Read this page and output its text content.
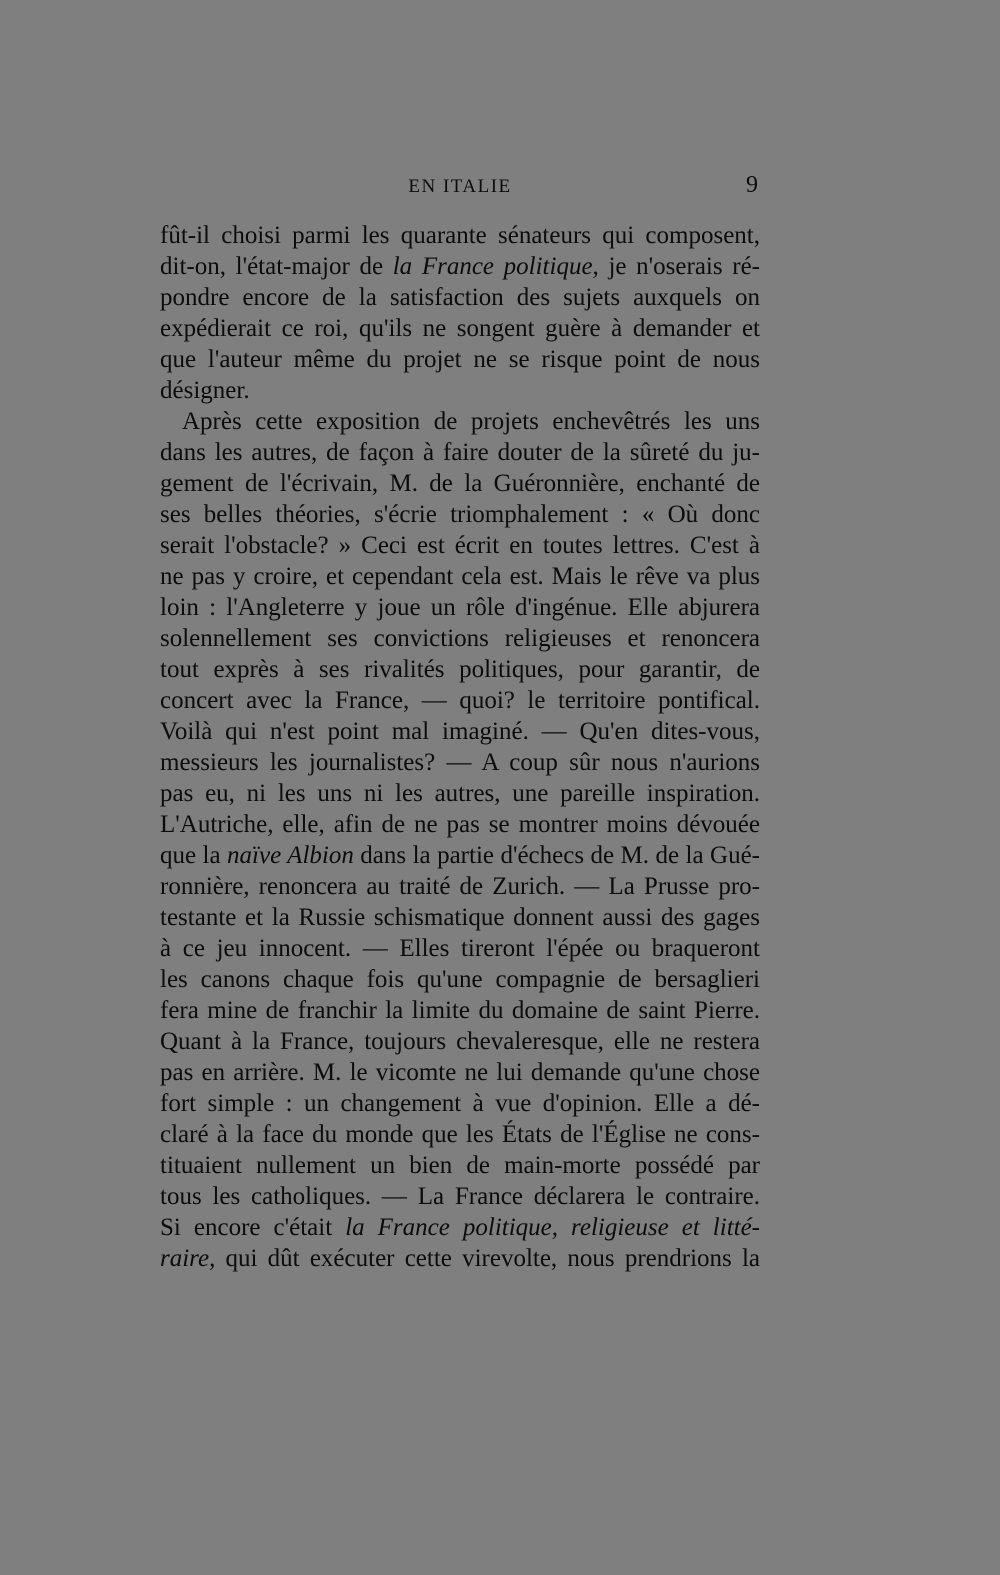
EN ITALIE	9
fût-il choisi parmi les quarante sénateurs qui composent,
dit-on, l'état-major de la France politique, je n'oserais ré-
pondre encore de la satisfaction des sujets auxquels on
expédierait ce roi, qu'ils ne songent guère à demander et
que l'auteur même du projet ne se risque point de nous
désigner.
Après cette exposition de projets enchevêtrés les uns
dans les autres, de façon à faire douter de la sûreté du ju-
gement de l'écrivain, M. de la Guéronnière, enchanté de
ses belles théories, s'écrie triomphalement : « Où donc
serait l'obstacle? » Ceci est écrit en toutes lettres. C'est à
ne pas y croire, et cependant cela est. Mais le rêve va plus
loin : l'Angleterre y joue un rôle d'ingénue. Elle abjurera
solennellement ses convictions religieuses et renoncera
tout exprès à ses rivalités politiques, pour garantir, de
concert avec la France, — quoi? le territoire pontifical.
Voilà qui n'est point mal imaginé. — Qu'en dites-vous,
messieurs les journalistes? — A coup sûr nous n'aurions
pas eu, ni les uns ni les autres, une pareille inspiration.
L'Autriche, elle, afin de ne pas se montrer moins dévouée
que la naïve Albion dans la partie d'échecs de M. de la Gué-
ronnière, renoncera au traité de Zurich. — La Prusse pro-
testante et la Russie schismatique donnent aussi des gages
à ce jeu innocent. — Elles tireront l'épée ou braqueront
les canons chaque fois qu'une compagnie de bersaglieri
fera mine de franchir la limite du domaine de saint Pierre.
Quant à la France, toujours chevaleresque, elle ne restera
pas en arrière. M. le vicomte ne lui demande qu'une chose
fort simple : un changement à vue d'opinion. Elle a dé-
claré à la face du monde que les États de l'Église ne cons-
tituaient nullement un bien de main-morte possédé par
tous les catholiques. — La France déclarera le contraire.
Si encore c'était la France politique, religieuse et litté-
raire, qui dût exécuter cette virevolte, nous prendrions la
